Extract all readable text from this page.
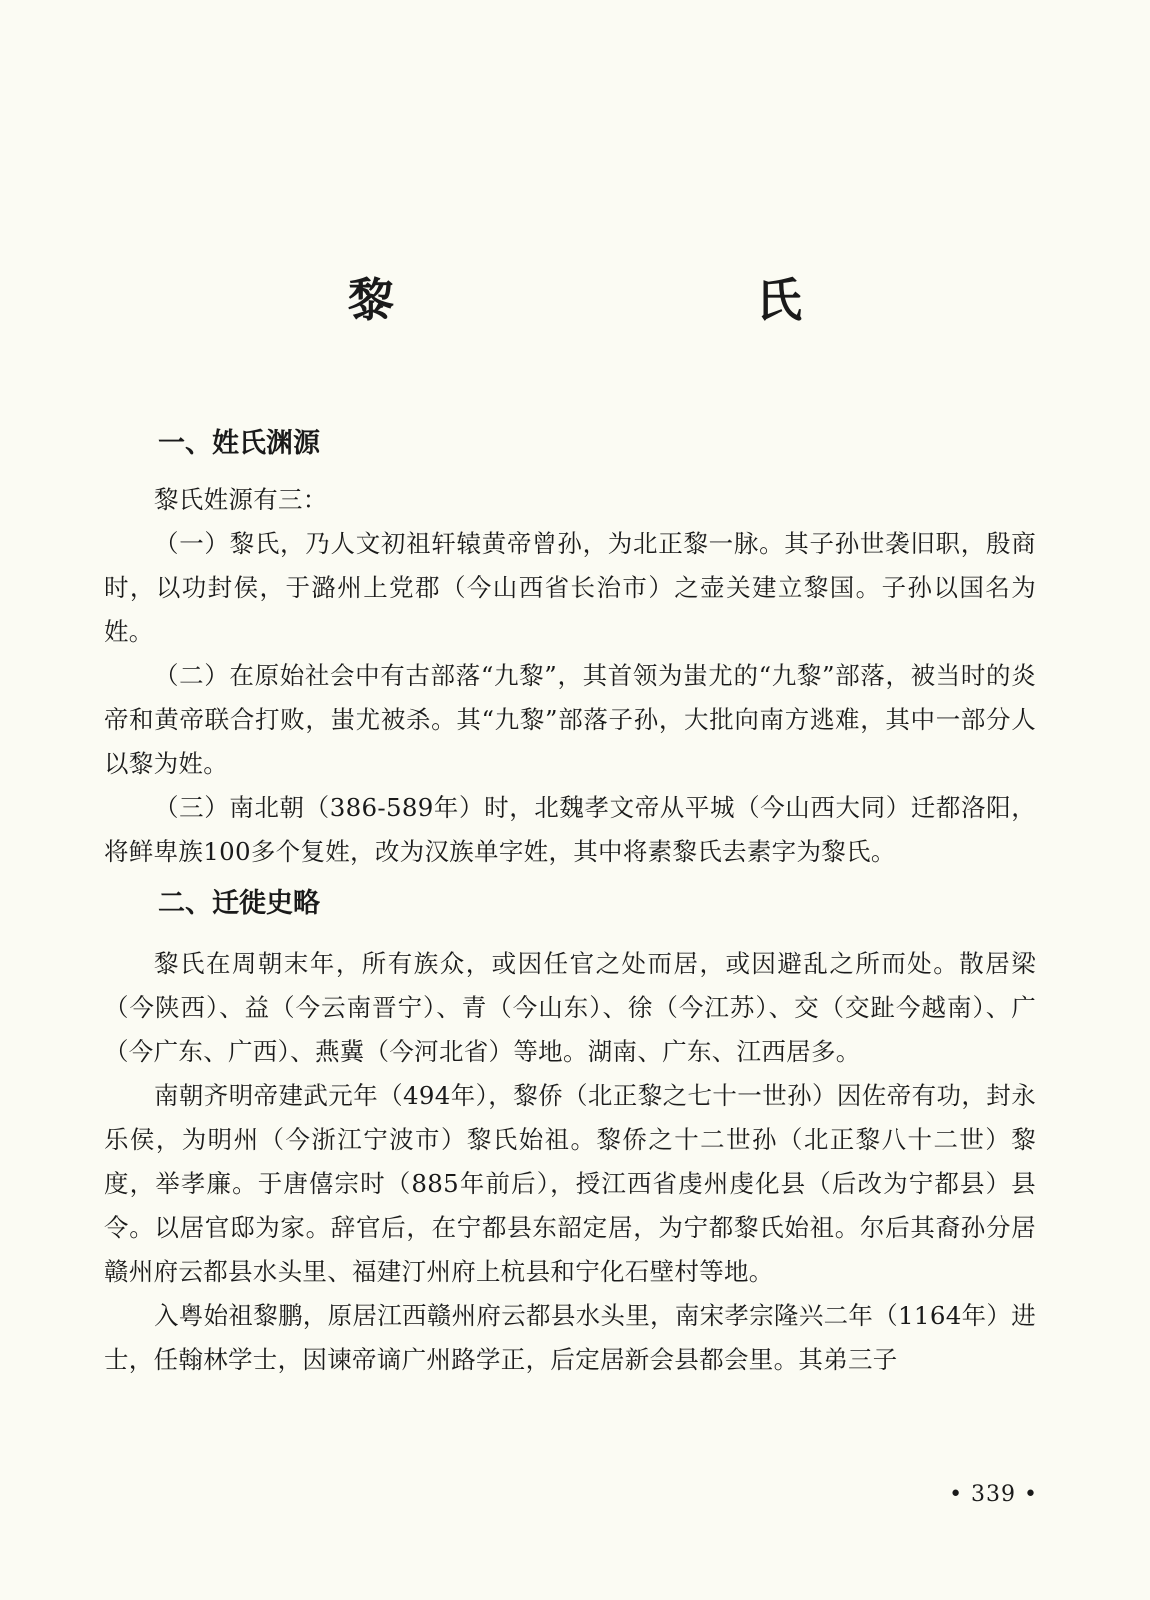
黎　　氏
一、姓氏渊源

黎氏姓源有三：

（一）黎氏，乃人文初祖轩辕黄帝曾孙，为北正黎一脉。其子孙世袭旧职，殷商时，以功封侯，于潞州上党郡（今山西省长治市）之壶关建立黎国。子孙以国名为姓。

（二）在原始社会中有古部落“九黎”，其首领为蚩尤的“九黎”部落，被当时的炎帝和黄帝联合打败，蚩尤被杀。其“九黎”部落子孙，大批向南方逃难，其中一部分人以黎为姓。

（三）南北朝（386-589年）时，北魏孝文帝从平城（今山西大同）迁都洛阳，将鲜卑族100多个复姓，改为汉族单字姓，其中将素黎氏去素字为黎氏。

二、迁徙史略

黎氏在周朝末年，所有族众，或因任官之处而居，或因避乱之所而处。散居梁（今陕西）、益（今云南晋宁）、青（今山东）、徐（今江苏）、交（交趾今越南）、广（今广东、广西）、燕冀（今河北省）等地。湖南、广东、江西居多。

南朝齐明帝建武元年（494年），黎侨（北正黎之七十一世孙）因佐帝有功，封永乐侯，为明州（今浙江宁波市）黎氏始祖。黎侨之十二世孙（北正黎八十二世）黎度，举孝廉。于唐僖宗时（885年前后），授江西省虔州虔化县（后改为宁都县）县令。以居官邸为家。辞官后，在宁都县东韶定居，为宁都黎氏始祖。尔后其裔孙分居赣州府云都县水头里、福建汀州府上杭县和宁化石壁村等地。

入粤始祖黎鹏，原居江西赣州府云都县水头里，南宋孝宗隆兴二年（1164年）进士，任翰林学士，因谏帝谪广州路学正，后定居新会县都会里。其弟三子

• 339 •
